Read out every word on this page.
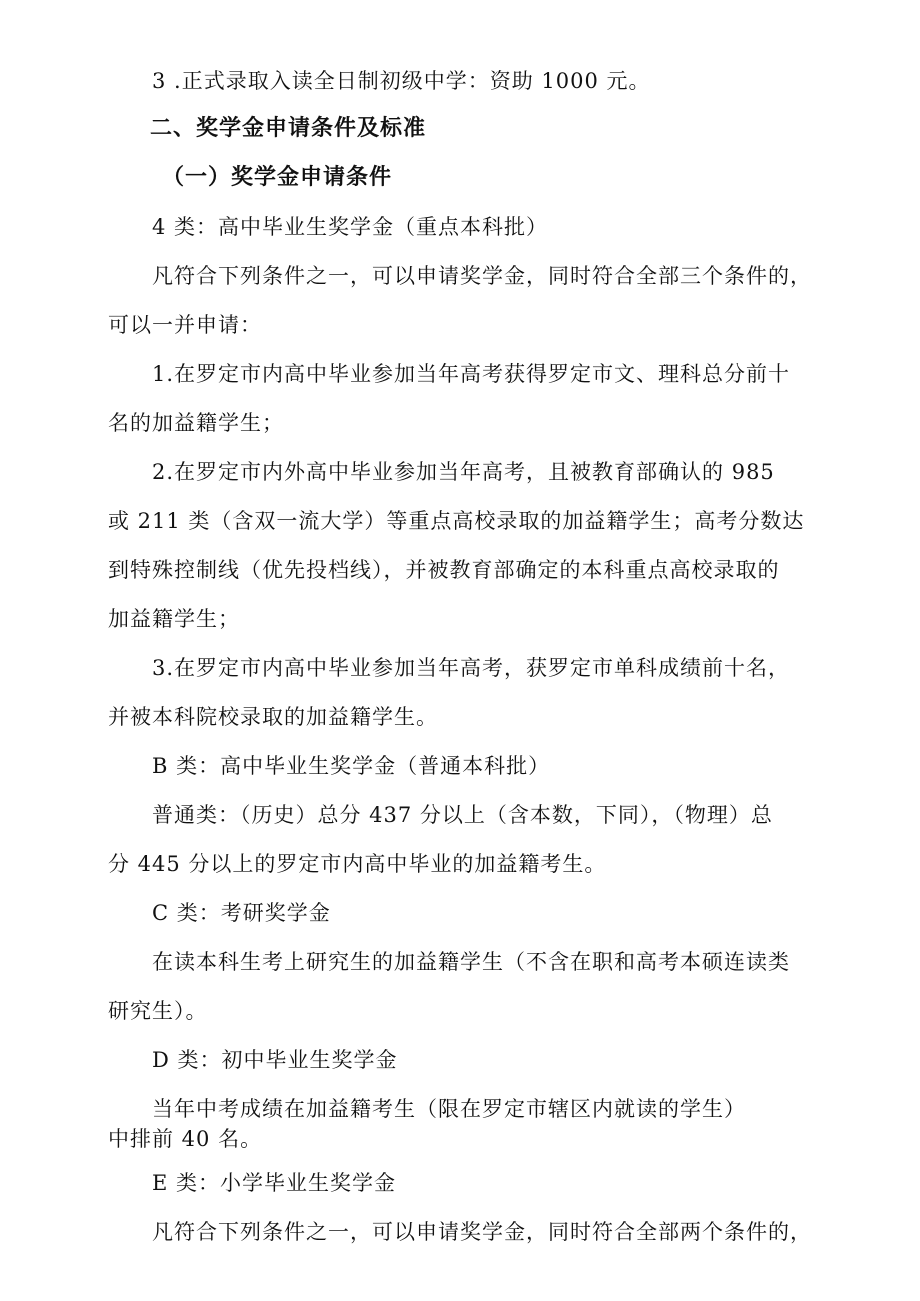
3 .正式录取入读全日制初级中学：资助 1000 元。
二、奖学金申请条件及标准
（一）奖学金申请条件
4 类：高中毕业生奖学金（重点本科批）
凡符合下列条件之一，可以申请奖学金，同时符合全部三个条件的，
可以一并申请：
1.在罗定市内高中毕业参加当年高考获得罗定市文、理科总分前十
名的加益籍学生；
2.在罗定市内外高中毕业参加当年高考，且被教育部确认的 985
或 211 类（含双一流大学）等重点高校录取的加益籍学生；高考分数达
到特殊控制线（优先投档线），并被教育部确定的本科重点高校录取的
加益籍学生；
3.在罗定市内高中毕业参加当年高考，获罗定市单科成绩前十名，
并被本科院校录取的加益籍学生。
B 类：高中毕业生奖学金（普通本科批）
普通类：（历史）总分 437 分以上（含本数，下同），（物理）总
分 445 分以上的罗定市内高中毕业的加益籍考生。
C 类：考研奖学金
在读本科生考上研究生的加益籍学生（不含在职和高考本硕连读类
研究生）。
D 类：初中毕业生奖学金
当年中考成绩在加益籍考生（限在罗定市辖区内就读的学生）
中排前 40 名。
E 类：小学毕业生奖学金
凡符合下列条件之一，可以申请奖学金，同时符合全部两个条件的，
